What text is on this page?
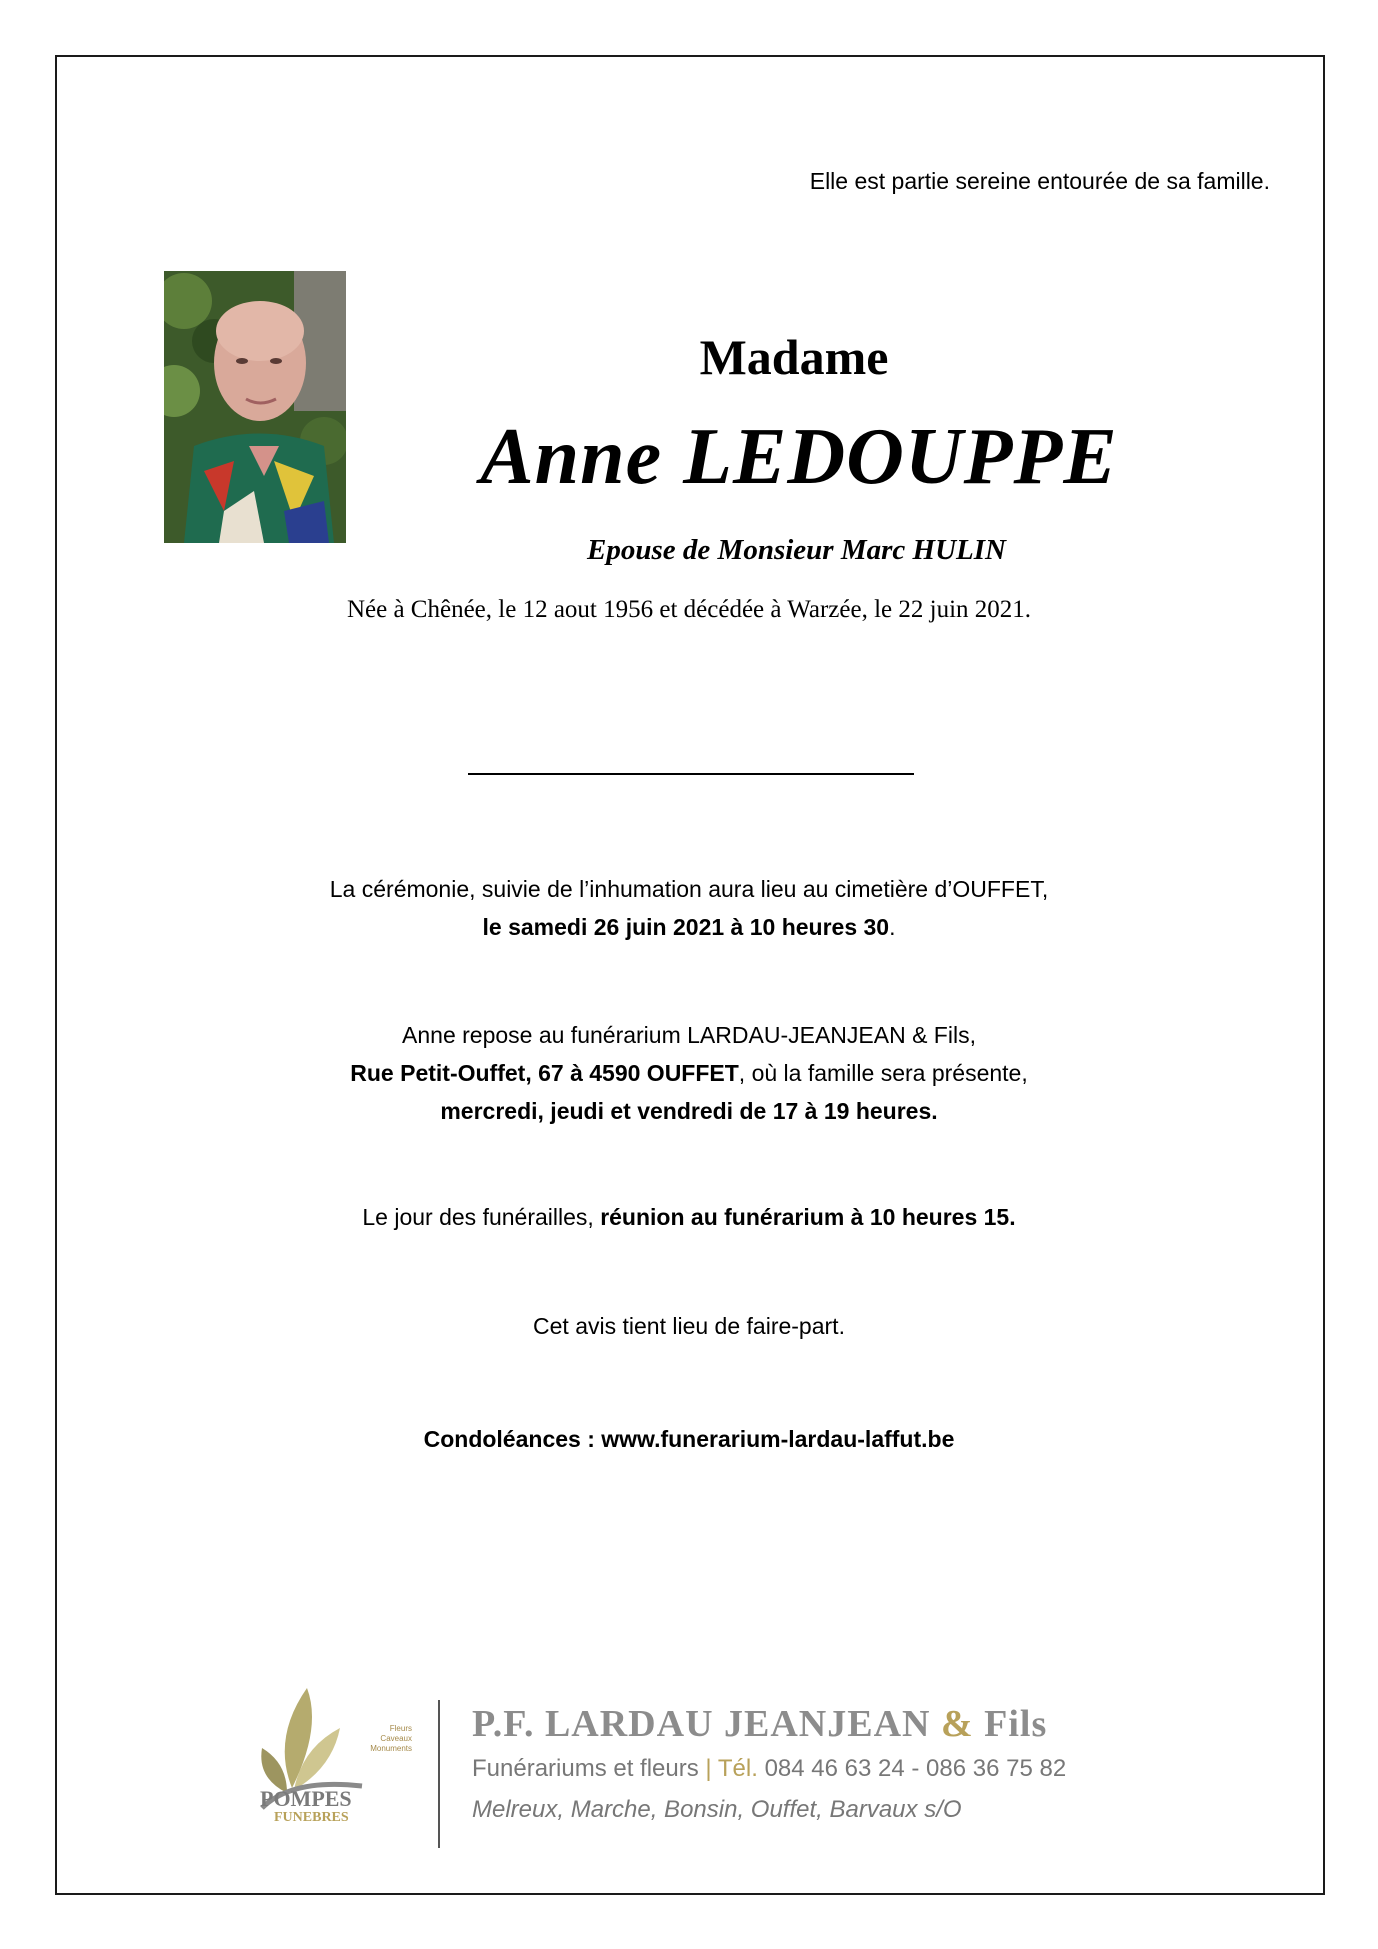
Elle est partie sereine entourée de sa famille.
Madame
Anne LEDOUPPE
Epouse de Monsieur Marc HULIN
Née à Chênée, le 12 aout 1956 et décédée à Warzée, le 22 juin 2021.
La cérémonie, suivie de l’inhumation aura lieu au cimetière d’OUFFET,
le samedi 26 juin 2021 à 10 heures 30.
Anne repose au funérarium LARDAU-JEANJEAN & Fils,
Rue Petit-Ouffet, 67 à 4590 OUFFET, où la famille sera présente,
mercredi, jeudi et vendredi de 17 à 19 heures.
Le jour des funérailles, réunion au funérarium à 10 heures 15.
Cet avis tient lieu de faire-part.
Condoléances : www.funerarium-lardau-laffut.be
Fleurs
Caveaux
Monuments
POMPES
FUNEBRES
P.F. LARDAU JEANJEAN & Fils
Funérariums et fleurs | Tél. 084 46 63 24 - 086 36 75 82
Melreux, Marche, Bonsin, Ouffet, Barvaux s/O
